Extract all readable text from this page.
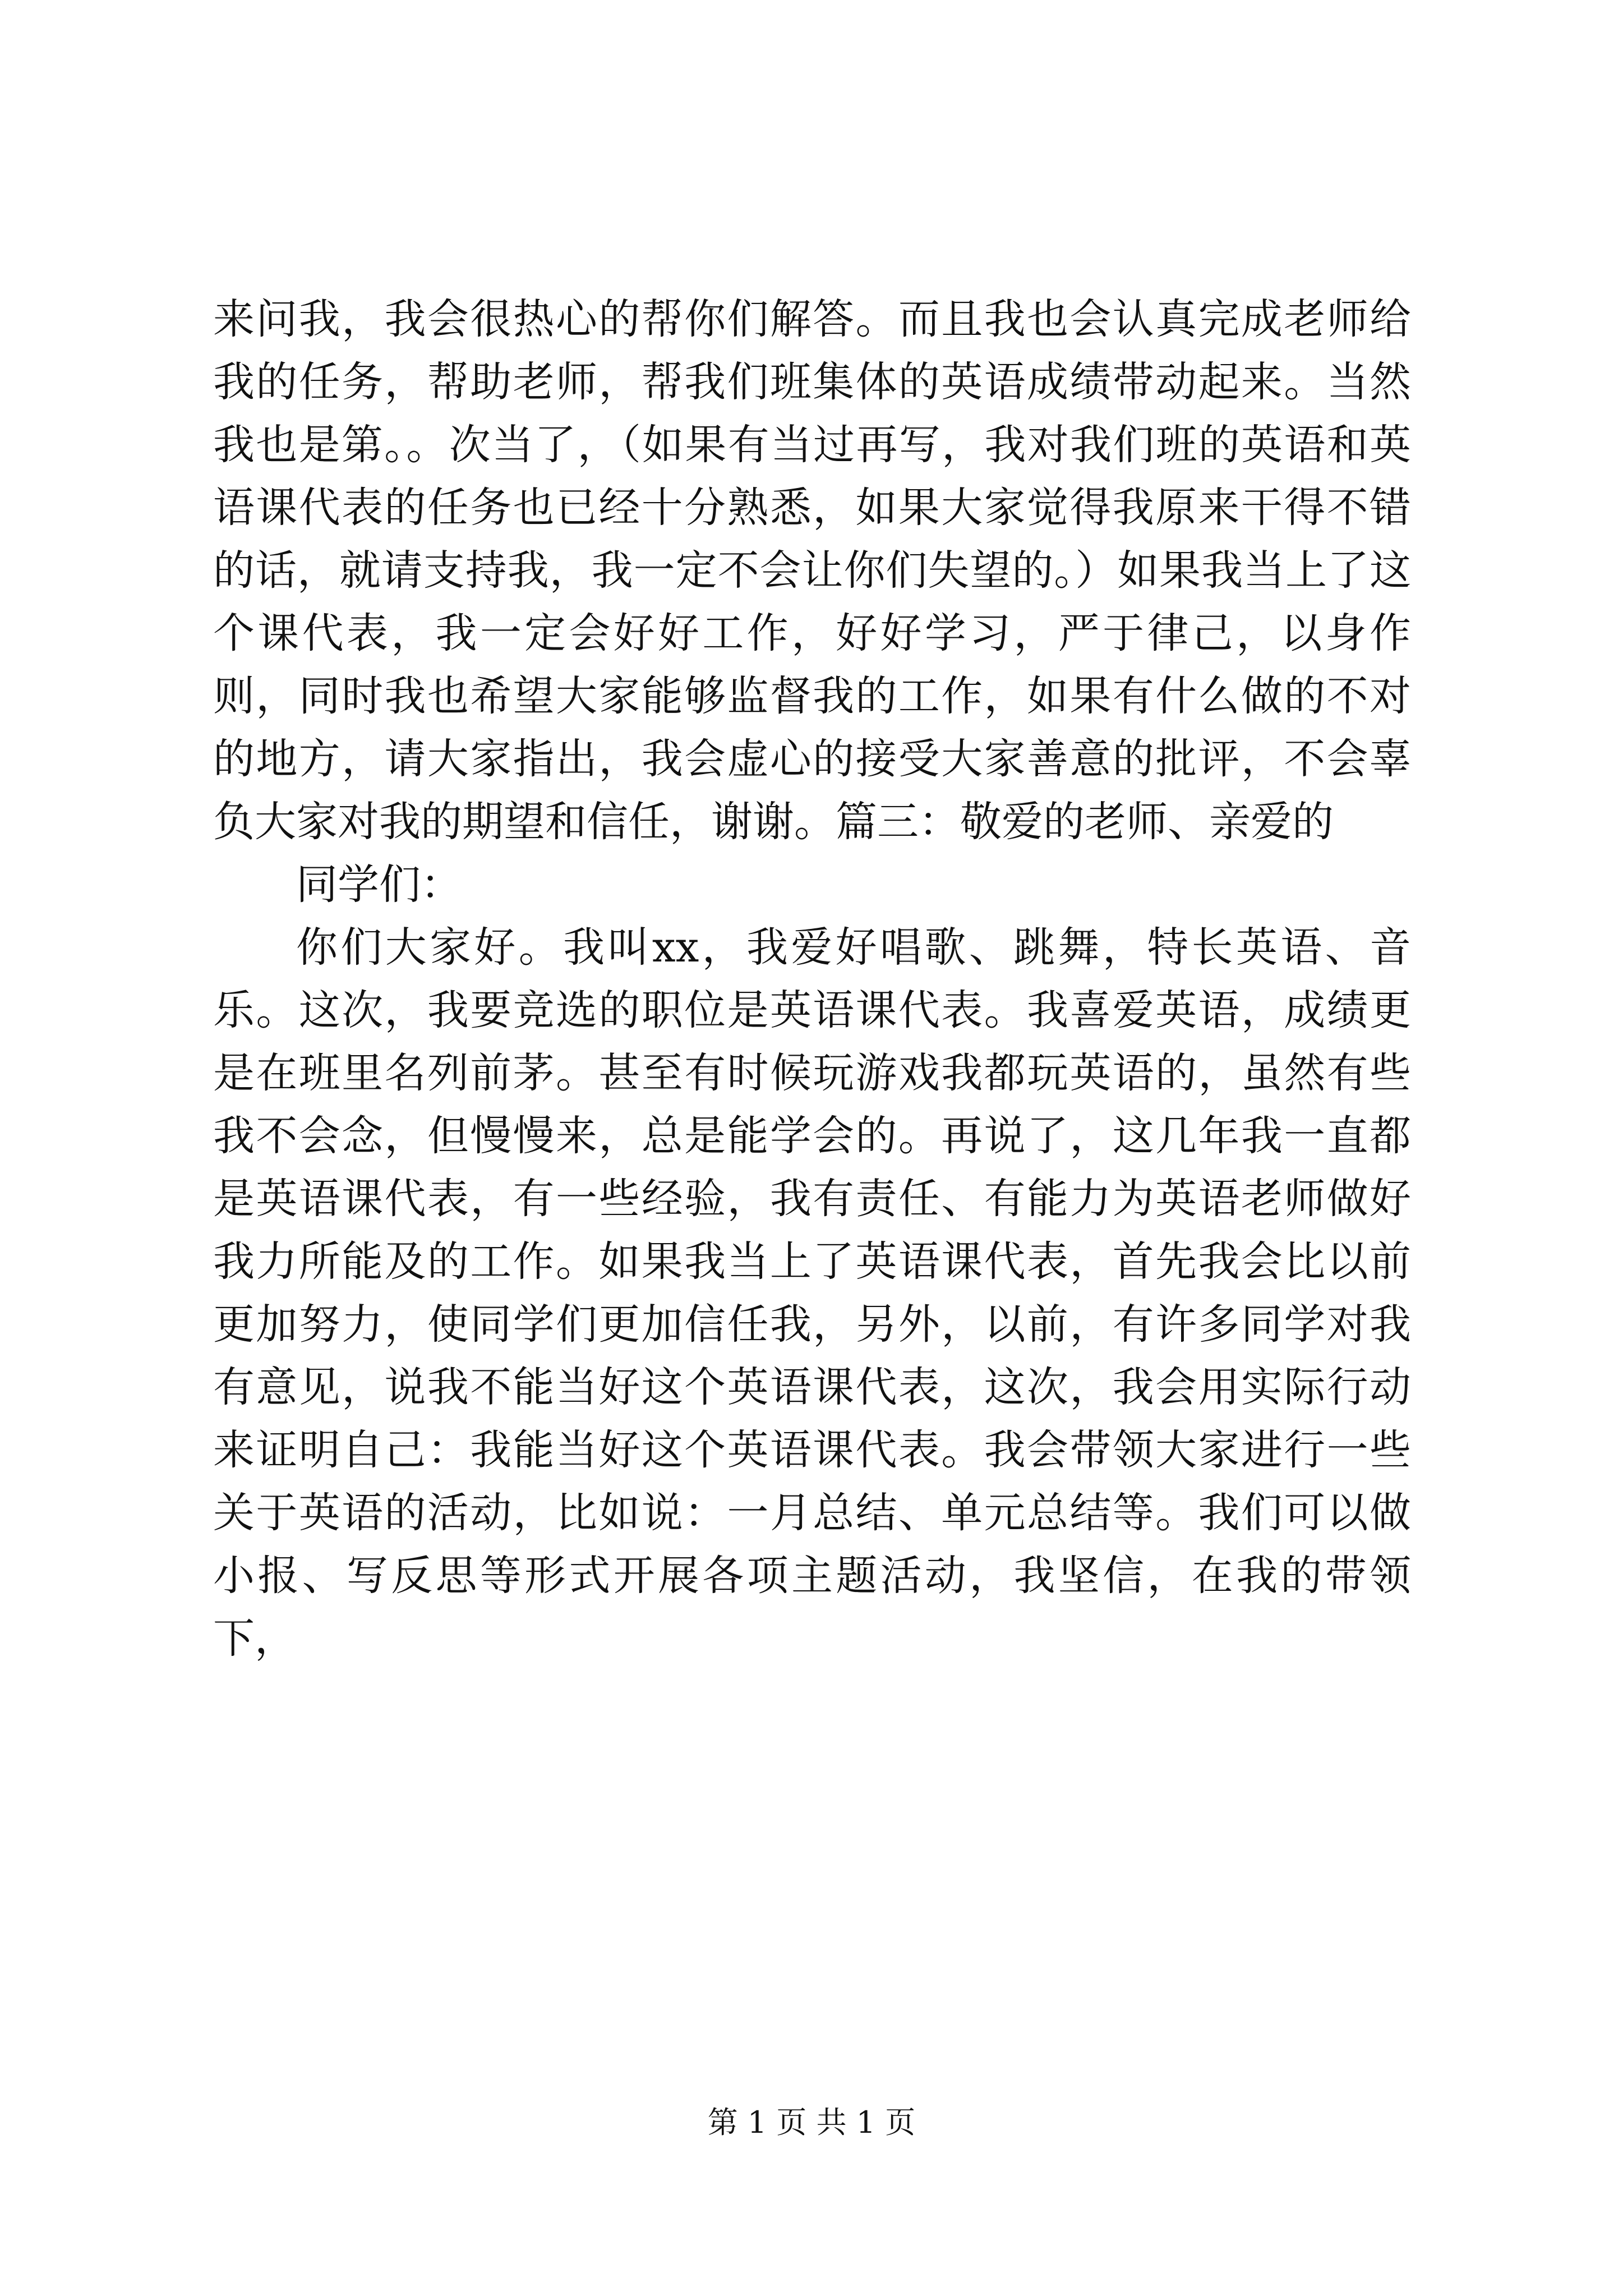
来问我，我会很热心的帮你们解答。而且我也会认真完成老师给我的任务，帮助老师，帮我们班集体的英语成绩带动起来。当然我也是第。。次当了，（如果有当过再写，我对我们班的英语和英语课代表的任务也已经十分熟悉，如果大家觉得我原来干得不错的话，就请支持我，我一定不会让你们失望的。）如果我当上了这个课代表，我一定会好好工作，好好学习，严于律己，以身作则，同时我也希望大家能够监督我的工作，如果有什么做的不对的地方，请大家指出，我会虚心的接受大家善意的批评，不会辜负大家对我的期望和信任，谢谢。篇三：敬爱的老师、亲爱的

同学们：

你们大家好。我叫xx，我爱好唱歌、跳舞，特长英语、音乐。这次，我要竞选的职位是英语课代表。我喜爱英语，成绩更是在班里名列前茅。甚至有时候玩游戏我都玩英语的，虽然有些我不会念，但慢慢来，总是能学会的。再说了，这几年我一直都是英语课代表，有一些经验，我有责任、有能力为英语老师做好我力所能及的工作。如果我当上了英语课代表，首先我会比以前更加努力，使同学们更加信任我，另外，以前，有许多同学对我有意见，说我不能当好这个英语课代表，这次，我会用实际行动来证明自己：我能当好这个英语课代表。我会带领大家进行一些关于英语的活动，比如说：一月总结、单元总结等。我们可以做小报、写反思等形式开展各项主题活动，我坚信，在我的带领下，

第 1 页 共 1 页
